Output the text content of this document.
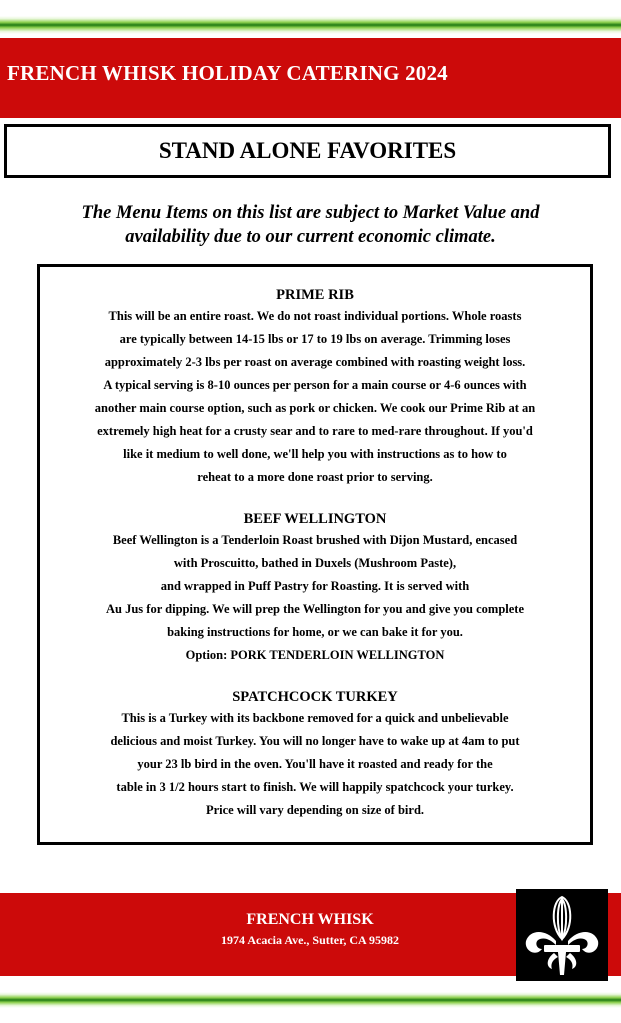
FRENCH WHISK HOLIDAY CATERING 2024
STAND ALONE FAVORITES
The Menu Items on this list are subject to Market Value and
availability due to our current economic climate.
PRIME RIB
This will be an entire roast. We do not roast individual portions. Whole roasts
are typically between 14-15 lbs or 17 to 19 lbs on average. Trimming loses
approximately 2-3 lbs per roast on average combined with roasting weight loss.
A typical serving is 8-10 ounces per person for a main course or 4-6 ounces with
another main course option, such as pork or chicken. We cook our Prime Rib at an
extremely high heat for a crusty sear and to rare to med-rare throughout. If you'd
like it medium to well done, we'll help you with instructions as to how to
reheat to a more done roast prior to serving.
BEEF WELLINGTON
Beef Wellington is a Tenderloin Roast brushed with Dijon Mustard, encased
with Proscuitto, bathed in Duxels (Mushroom Paste),
and wrapped in Puff Pastry for Roasting. It is served with
Au Jus for dipping. We will prep the Wellington for you and give you complete
baking instructions for home, or we can bake it for you.
Option: PORK TENDERLOIN WELLINGTON
SPATCHCOCK TURKEY
This is a Turkey with its backbone removed for a quick and unbelievable
delicious and moist Turkey. You will no longer have to wake up at 4am to put
your 23 lb bird in the oven. You'll have it roasted and ready for the
table in 3 1/2 hours start to finish. We will happily spatchcock your turkey.
Price will vary depending on size of bird.
FRENCH WHISK
1974 Acacia Ave., Sutter, CA 95982
